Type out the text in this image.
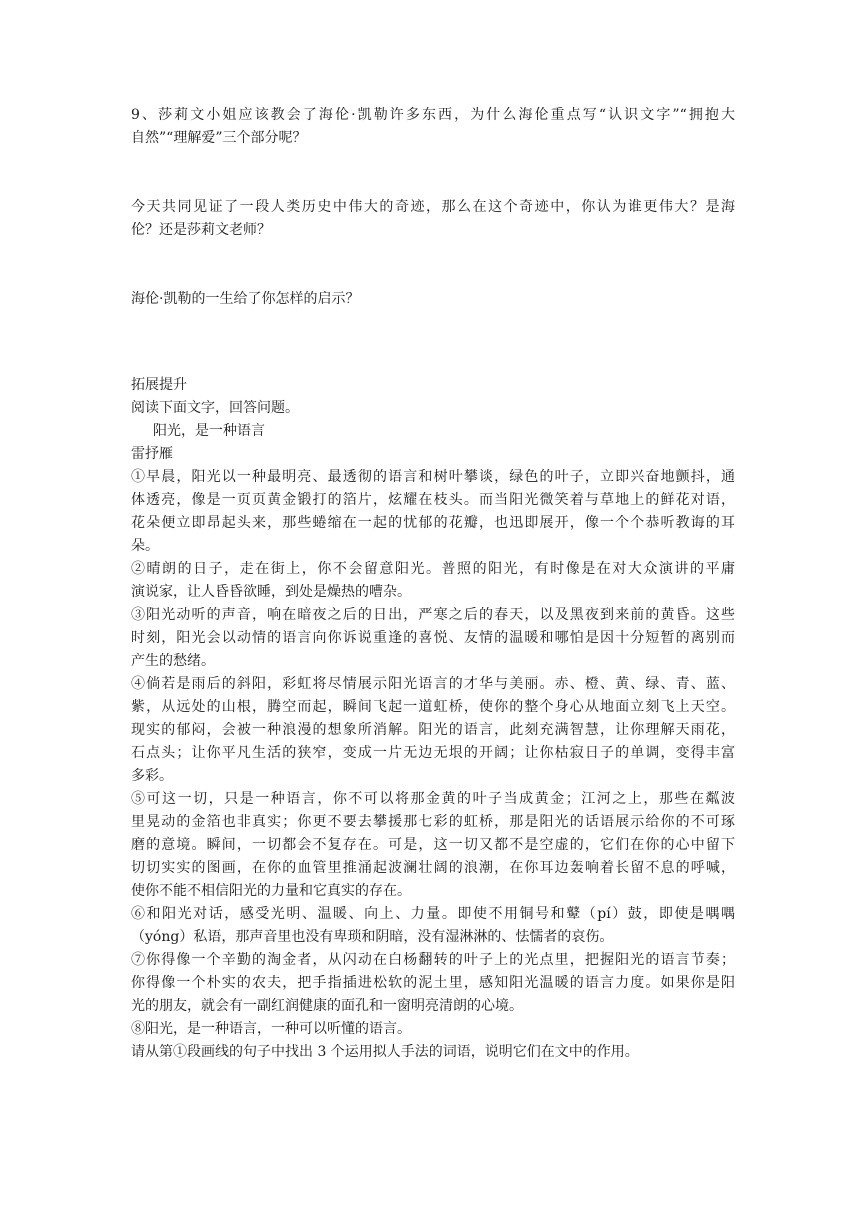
9、莎莉文小姐应该教会了海伦·凯勒许多东西，为什么海伦重点写“认识文字”“拥抱大
自然”“理解爱”三个部分呢？
今天共同见证了一段人类历史中伟大的奇迹，那么在这个奇迹中，你认为谁更伟大？是海
伦？还是莎莉文老师？
海伦·凯勒的一生给了你怎样的启示？
拓展提升
阅读下面文字，回答问题。
阳光，是一种语言
雷抒雁
①早晨，阳光以一种最明亮、最透彻的语言和树叶攀谈，绿色的叶子，立即兴奋地颤抖，通
体透亮，像是一页页黄金锻打的箔片，炫耀在枝头。而当阳光微笑着与草地上的鲜花对语，
花朵便立即昂起头来，那些蜷缩在一起的忧郁的花瓣，也迅即展开，像一个个恭听教诲的耳
朵。
②晴朗的日子，走在街上，你不会留意阳光。普照的阳光，有时像是在对大众演讲的平庸
演说家，让人昏昏欲睡，到处是燥热的嘈杂。
③阳光动听的声音，响在暗夜之后的日出，严寒之后的春天，以及黑夜到来前的黄昏。这些
时刻，阳光会以动情的语言向你诉说重逢的喜悦、友情的温暖和哪怕是因十分短暂的离别而
产生的愁绪。
④倘若是雨后的斜阳，彩虹将尽情展示阳光语言的才华与美丽。赤、橙、黄、绿、青、蓝、
紫，从远处的山根，腾空而起，瞬间飞起一道虹桥，使你的整个身心从地面立刻飞上天空。
现实的郁闷，会被一种浪漫的想象所消解。阳光的语言，此刻充满智慧，让你理解天雨花，
石点头；让你平凡生活的狭窄，变成一片无边无垠的开阔；让你枯寂日子的单调，变得丰富
多彩。
⑤可这一切，只是一种语言，你不可以将那金黄的叶子当成黄金；江河之上，那些在粼波
里晃动的金箔也非真实；你更不要去攀援那七彩的虹桥，那是阳光的话语展示给你的不可琢
磨的意境。瞬间，一切都会不复存在。可是，这一切又都不是空虚的，它们在你的心中留下
切切实实的图画，在你的血管里推涌起波澜壮阔的浪潮，在你耳边轰响着长留不息的呼喊，
使你不能不相信阳光的力量和它真实的存在。
⑥和阳光对话，感受光明、温暖、向上、力量。即使不用铜号和鼙（pí）鼓，即使是喁喁
（yóng）私语，那声音里也没有卑琐和阴暗，没有湿淋淋的、怯懦者的哀伤。
⑦你得像一个辛勤的淘金者，从闪动在白杨翻转的叶子上的光点里，把握阳光的语言节奏；
你得像一个朴实的农夫，把手指插进松软的泥土里，感知阳光温暖的语言力度。如果你是阳
光的朋友，就会有一副红润健康的面孔和一窗明亮清朗的心境。
⑧阳光，是一种语言，一种可以听懂的语言。
请从第①段画线的句子中找出 3 个运用拟人手法的词语，说明它们在文中的作用。
